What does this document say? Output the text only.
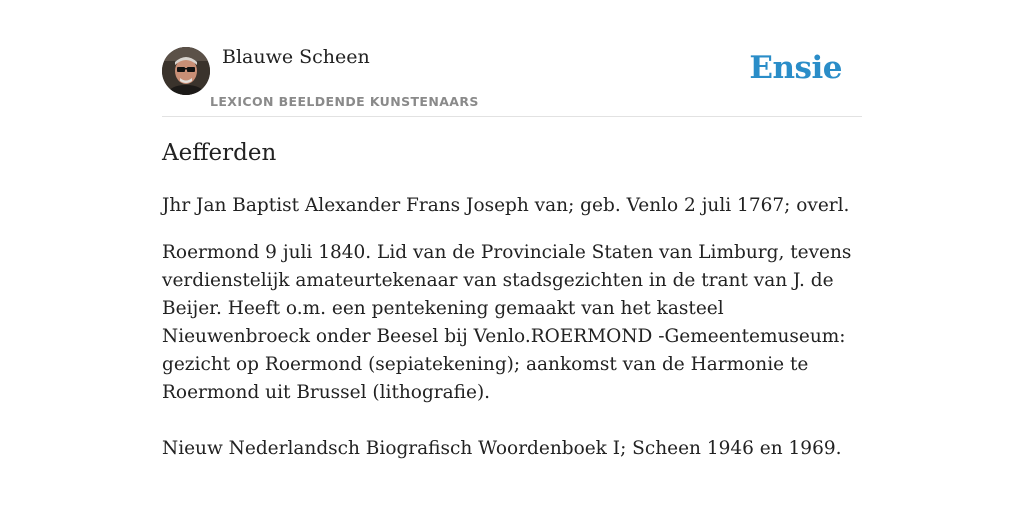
Blauwe Scheen
LEXICON BEELDENDE KUNSTENAARS
Ensie
Aefferden

Jhr Jan Baptist Alexander Frans Joseph van; geb. Venlo 2 juli 1767; overl.

Roermond 9 juli 1840. Lid van de Provinciale Staten van Limburg, tevens verdienstelijk amateurtekenaar van stadsgezichten in de trant van J. de Beijer. Heeft o.m. een pentekening gemaakt van het kasteel Nieuwenbroeck onder Beesel bij Venlo.ROERMOND -Gemeentemuseum: gezicht op Roermond (sepiatekening); aankomst van de Harmonie te Roermond uit Brussel (lithografie).

Nieuw Nederlandsch Biografisch Woordenboek I; Scheen 1946 en 1969.
